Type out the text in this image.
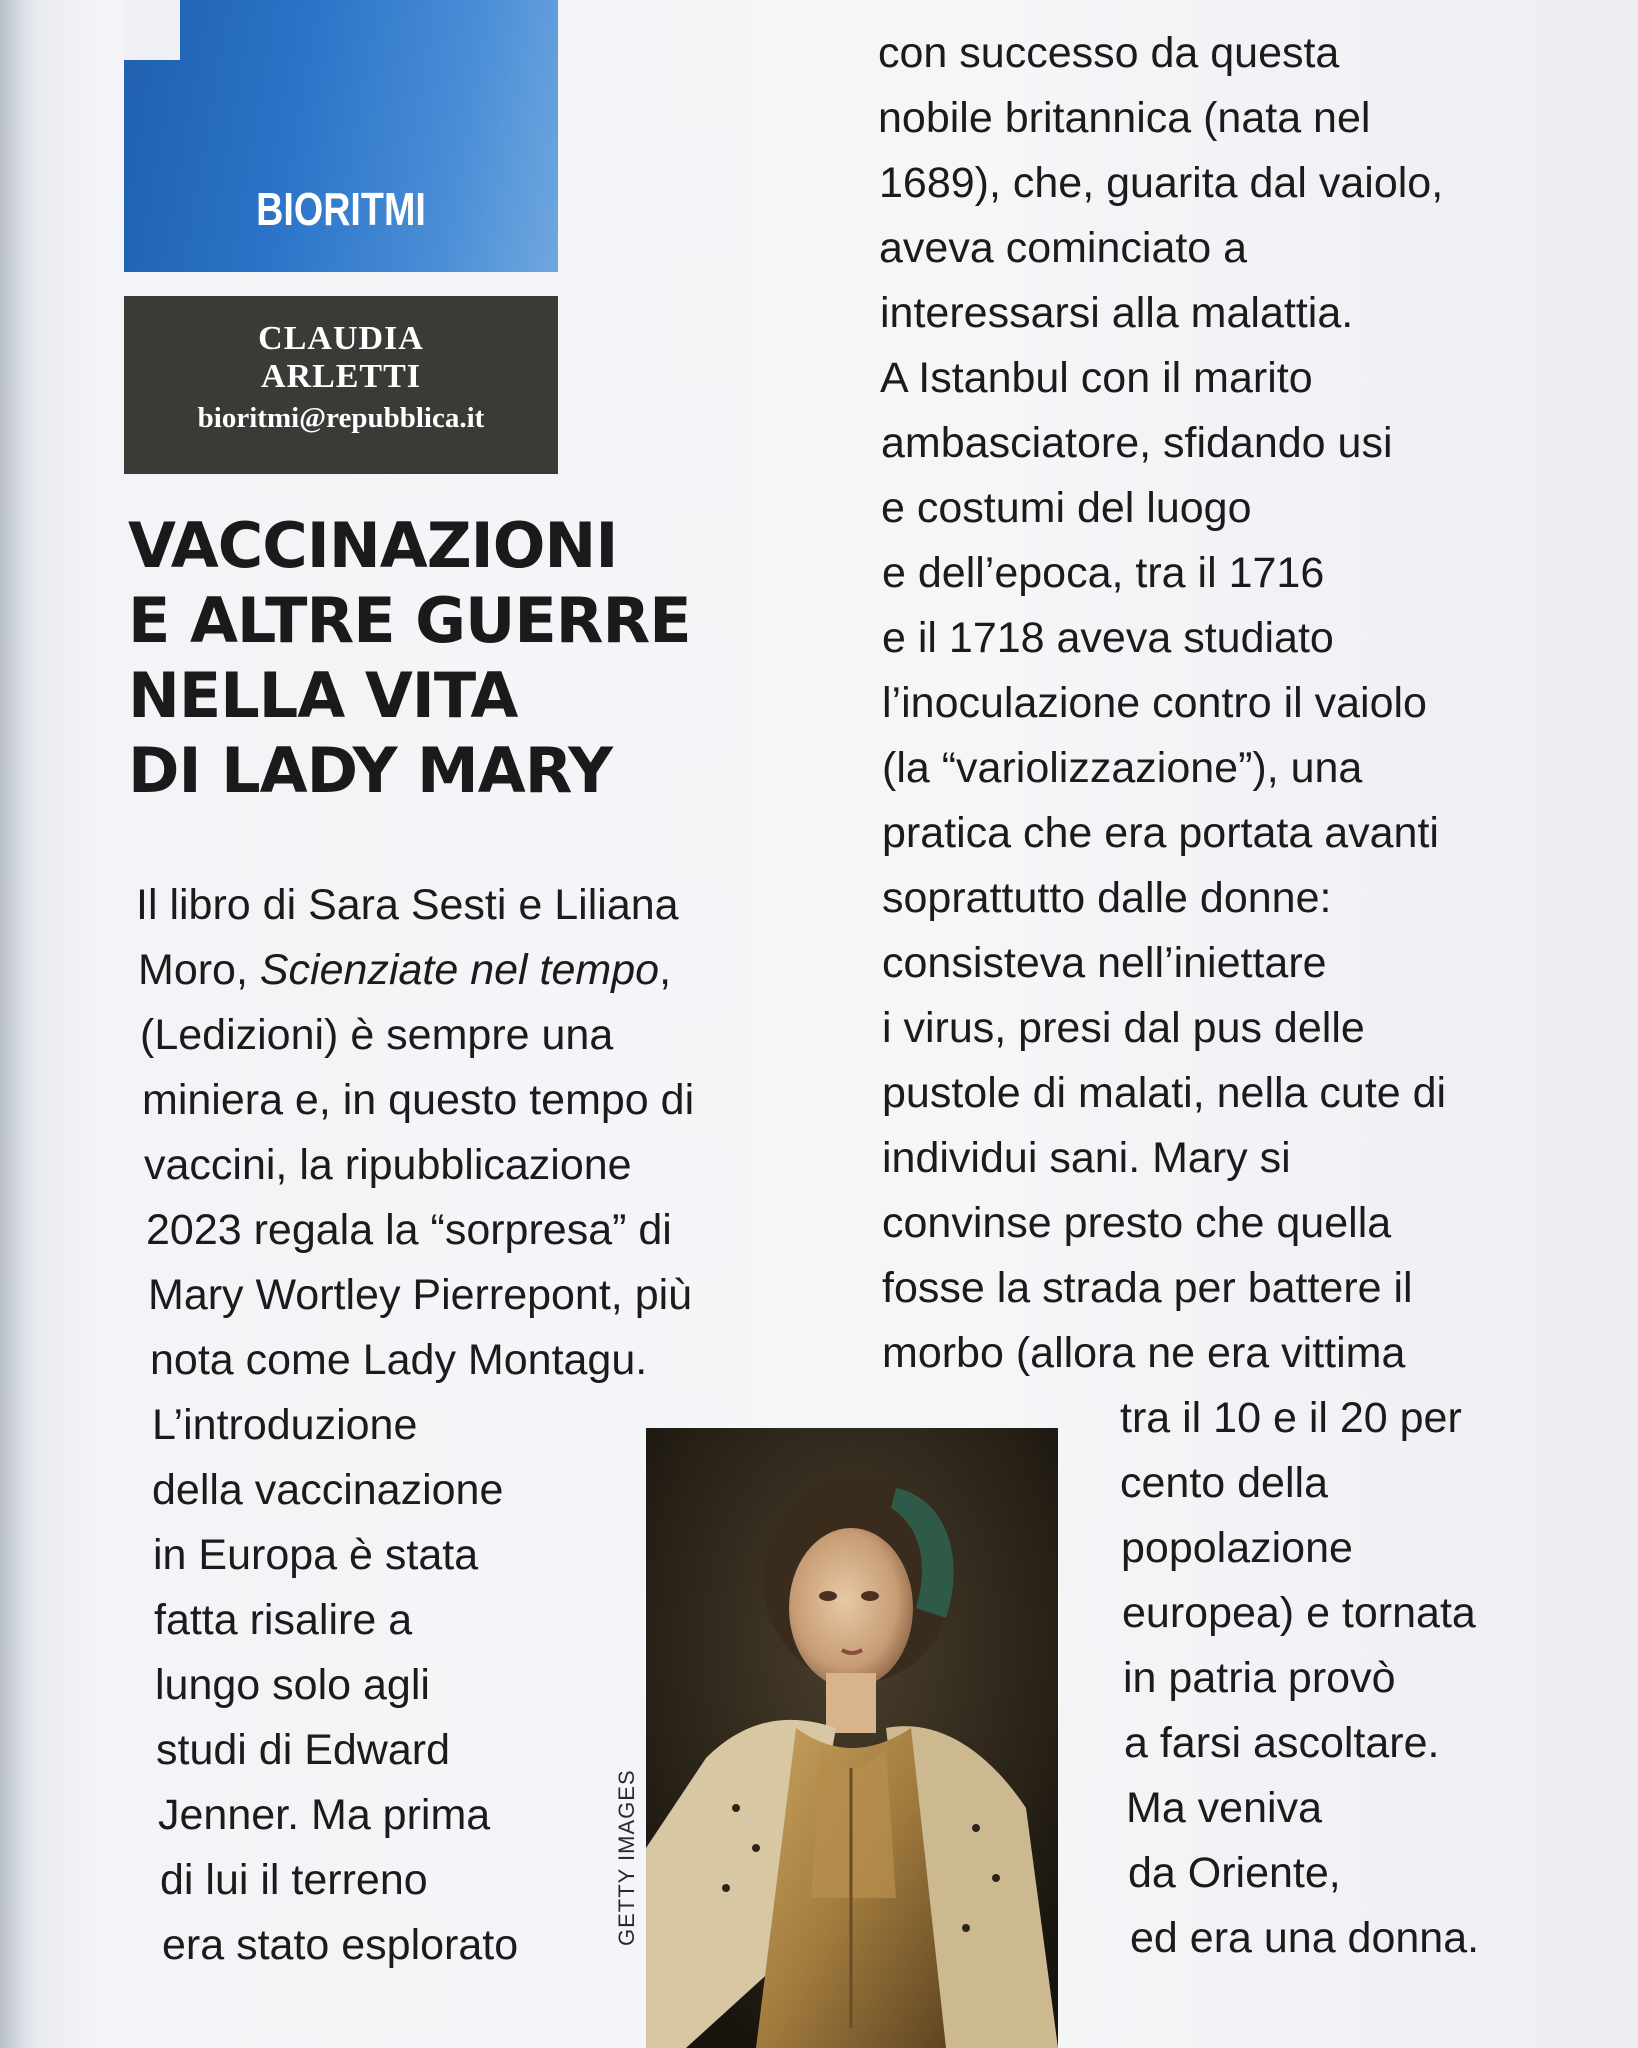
BIORITMI
CLAUDIA
ARLETTI
bioritmi@repubblica.it
VACCINAZIONI
E ALTRE GUERRE
NELLA VITA
DI LADY MARY
Il libro di Sara Sesti e Liliana
Moro, Scienziate nel tempo,
(Ledizioni) è sempre una
miniera e, in questo tempo di
vaccini, la ripubblicazione
2023 regala la “sorpresa” di
Mary Wortley Pierrepont, più
nota come Lady Montagu.
L’introduzione
della vaccinazione
in Europa è stata
fatta risalire a
lungo solo agli
studi di Edward
Jenner. Ma prima
di lui il terreno
era stato esplorato
con successo da questa
nobile britannica (nata nel
1689), che, guarita dal vaiolo,
aveva cominciato a
interessarsi alla malattia.
A Istanbul con il marito
ambasciatore, sfidando usi
e costumi del luogo
e dell’epoca, tra il 1716
e il 1718 aveva studiato
l’inoculazione contro il vaiolo
(la “variolizzazione”), una
pratica che era portata avanti
soprattutto dalle donne:
consisteva nell’iniettare
i virus, presi dal pus delle
pustole di malati, nella cute di
individui sani. Mary si
convinse presto che quella
fosse la strada per battere il
morbo (allora ne era vittima
tra il 10 e il 20 per
cento della
popolazione
europea) e tornata
in patria provò
a farsi ascoltare.
Ma veniva
da Oriente,
ed era una donna.
GETTY IMAGES
